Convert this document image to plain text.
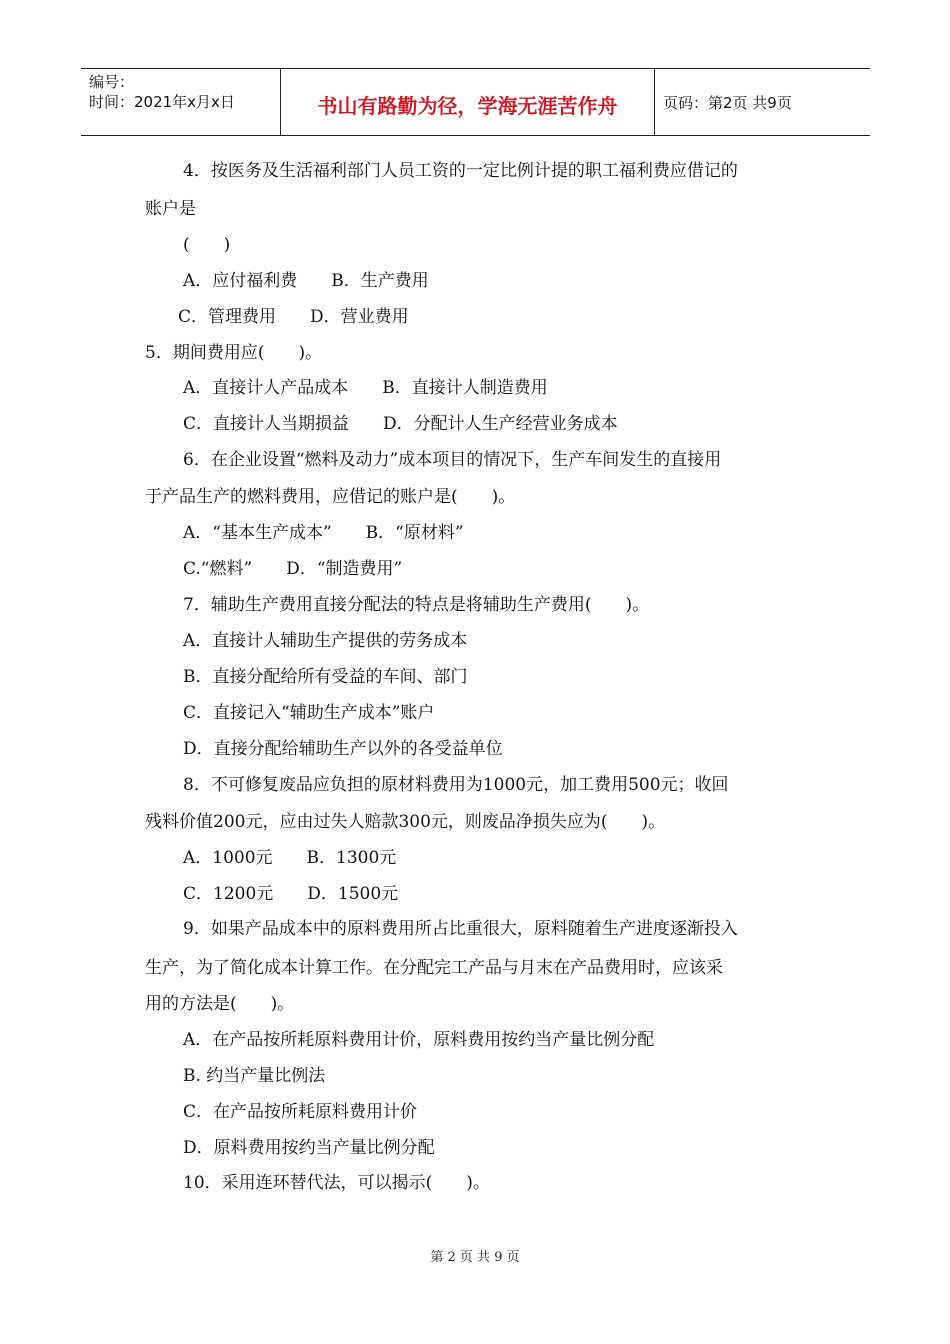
编号：
时间：2021年x月x日	书山有路勤为径，学海无涯苦作舟	页码：第2页 共9页
4．按医务及生活福利部门人员工资的一定比例计提的职工福利费应借记的
账户是
(　　)
A．应付福利费　　B．生产费用
C．管理费用　　D．营业费用
5．期间费用应(　　)。
A．直接计人产品成本　　B．直接计人制造费用
C．直接计人当期损益　　D．分配计人生产经营业务成本
6．在企业设置“燃料及动力”成本项目的情况下，生产车间发生的直接用
于产品生产的燃料费用，应借记的账户是(　　)。
A．“基本生产成本”　　B．“原材料”
C.“燃料”　　D．“制造费用”
7．辅助生产费用直接分配法的特点是将辅助生产费用(　　)。
A．直接计人辅助生产提供的劳务成本
B．直接分配给所有受益的车间、部门
C．直接记入“辅助生产成本”账户
D．直接分配给辅助生产以外的各受益单位
8．不可修复废品应负担的原材料费用为1000元，加工费用500元；收回
残料价值200元，应由过失人赔款300元，则废品净损失应为(　　)。
A．1000元　　B．1300元
C．1200元　　D．1500元
9．如果产品成本中的原料费用所占比重很大，原料随着生产进度逐渐投入
生产，为了简化成本计算工作。在分配完工产品与月末在产品费用时，应该采
用的方法是(　　)。
A．在产品按所耗原料费用计价，原料费用按约当产量比例分配
B. 约当产量比例法
C．在产品按所耗原料费用计价
D．原料费用按约当产量比例分配
10．采用连环替代法，可以揭示(　　)。
第 2 页 共 9 页
